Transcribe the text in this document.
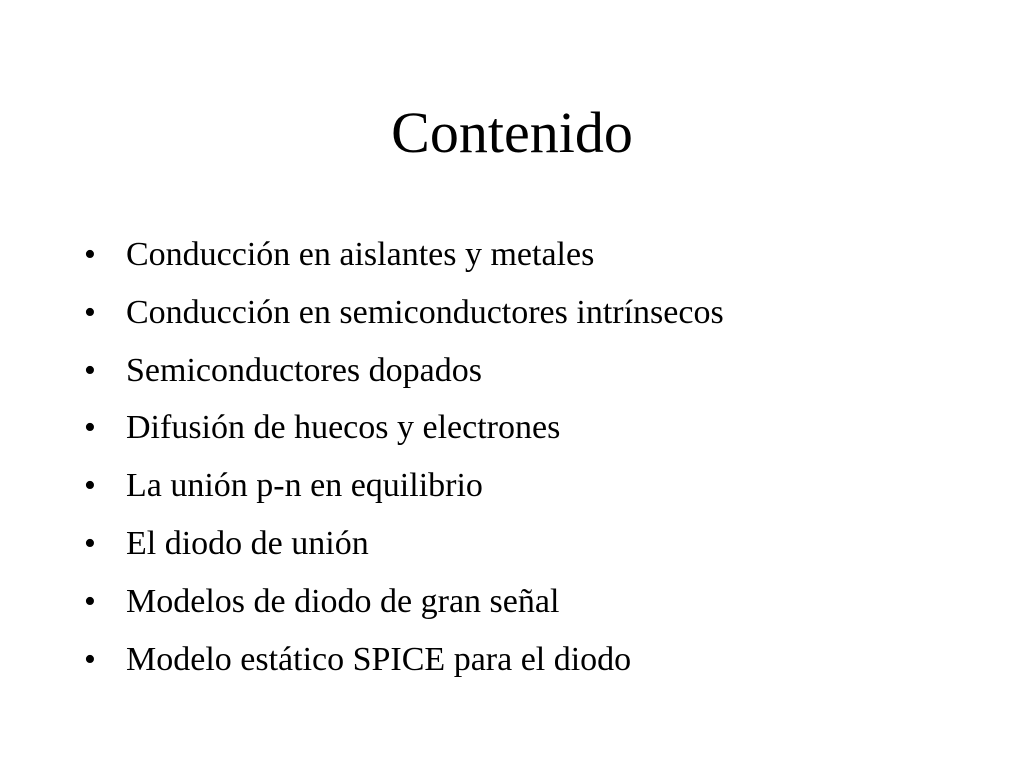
Contenido
• Conducción en aislantes y metales
• Conducción en semiconductores intrínsecos
• Semiconductores dopados
• Difusión de huecos y electrones
• La unión p-n en equilibrio
• El diodo de unión
• Modelos de diodo de gran señal
• Modelo estático SPICE para el diodo
